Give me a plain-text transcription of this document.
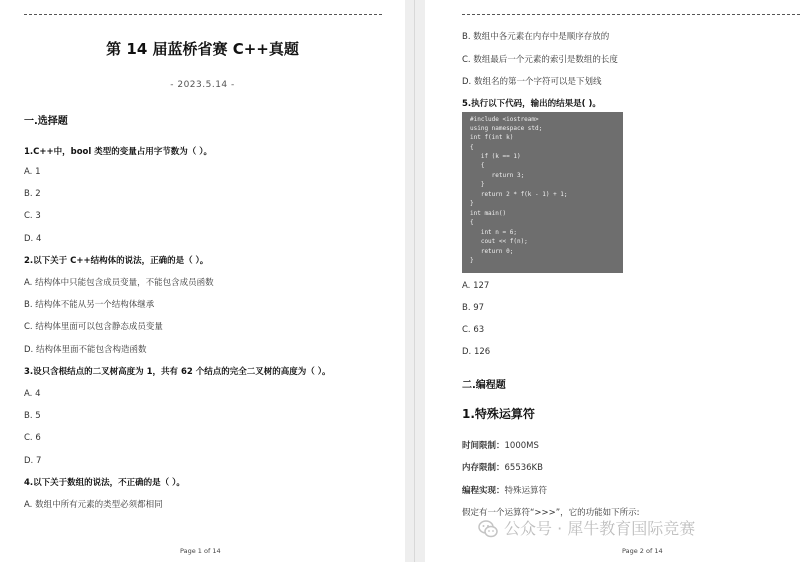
第 14 届蓝桥省赛 C++真题
- 2023.5.14 -
一.选择题
1.C++中，bool 类型的变量占用字节数为（ ）。
A. 1
B. 2
C. 3
D. 4
2.以下关于 C++结构体的说法，正确的是（ ）。
A. 结构体中只能包含成员变量，不能包含成员函数
B. 结构体不能从另一个结构体继承
C. 结构体里面可以包含静态成员变量
D. 结构体里面不能包含构造函数
3.设只含根结点的二叉树高度为 1，共有 62 个结点的完全二叉树的高度为（ ）。
A. 4
B. 5
C. 6
D. 7
4.以下关于数组的说法，不正确的是（ ）。
A. 数组中所有元素的类型必须都相同
Page 1 of 14
B. 数组中各元素在内存中是顺序存放的
C. 数组最后一个元素的索引是数组的长度
D. 数组名的第一个字符可以是下划线
5.执行以下代码，输出的结果是( )。
#include <iostream>
using namespace std;
int f(int k)
{
if (k == 1)
{
return 3;
}
return 2 * f(k - 1) + 1;
}
int main()
{
int n = 6;
cout << f(n);
return 0;
}
A. 127
B. 97
C. 63
D. 126
二.编程题
1.特殊运算符
时间限制：1000MS
内存限制：65536KB
编程实现：特殊运算符
假定有一个运算符“>>>”，它的功能如下所示:
Page 2 of 14
公众号 · 犀牛教育国际竞赛
